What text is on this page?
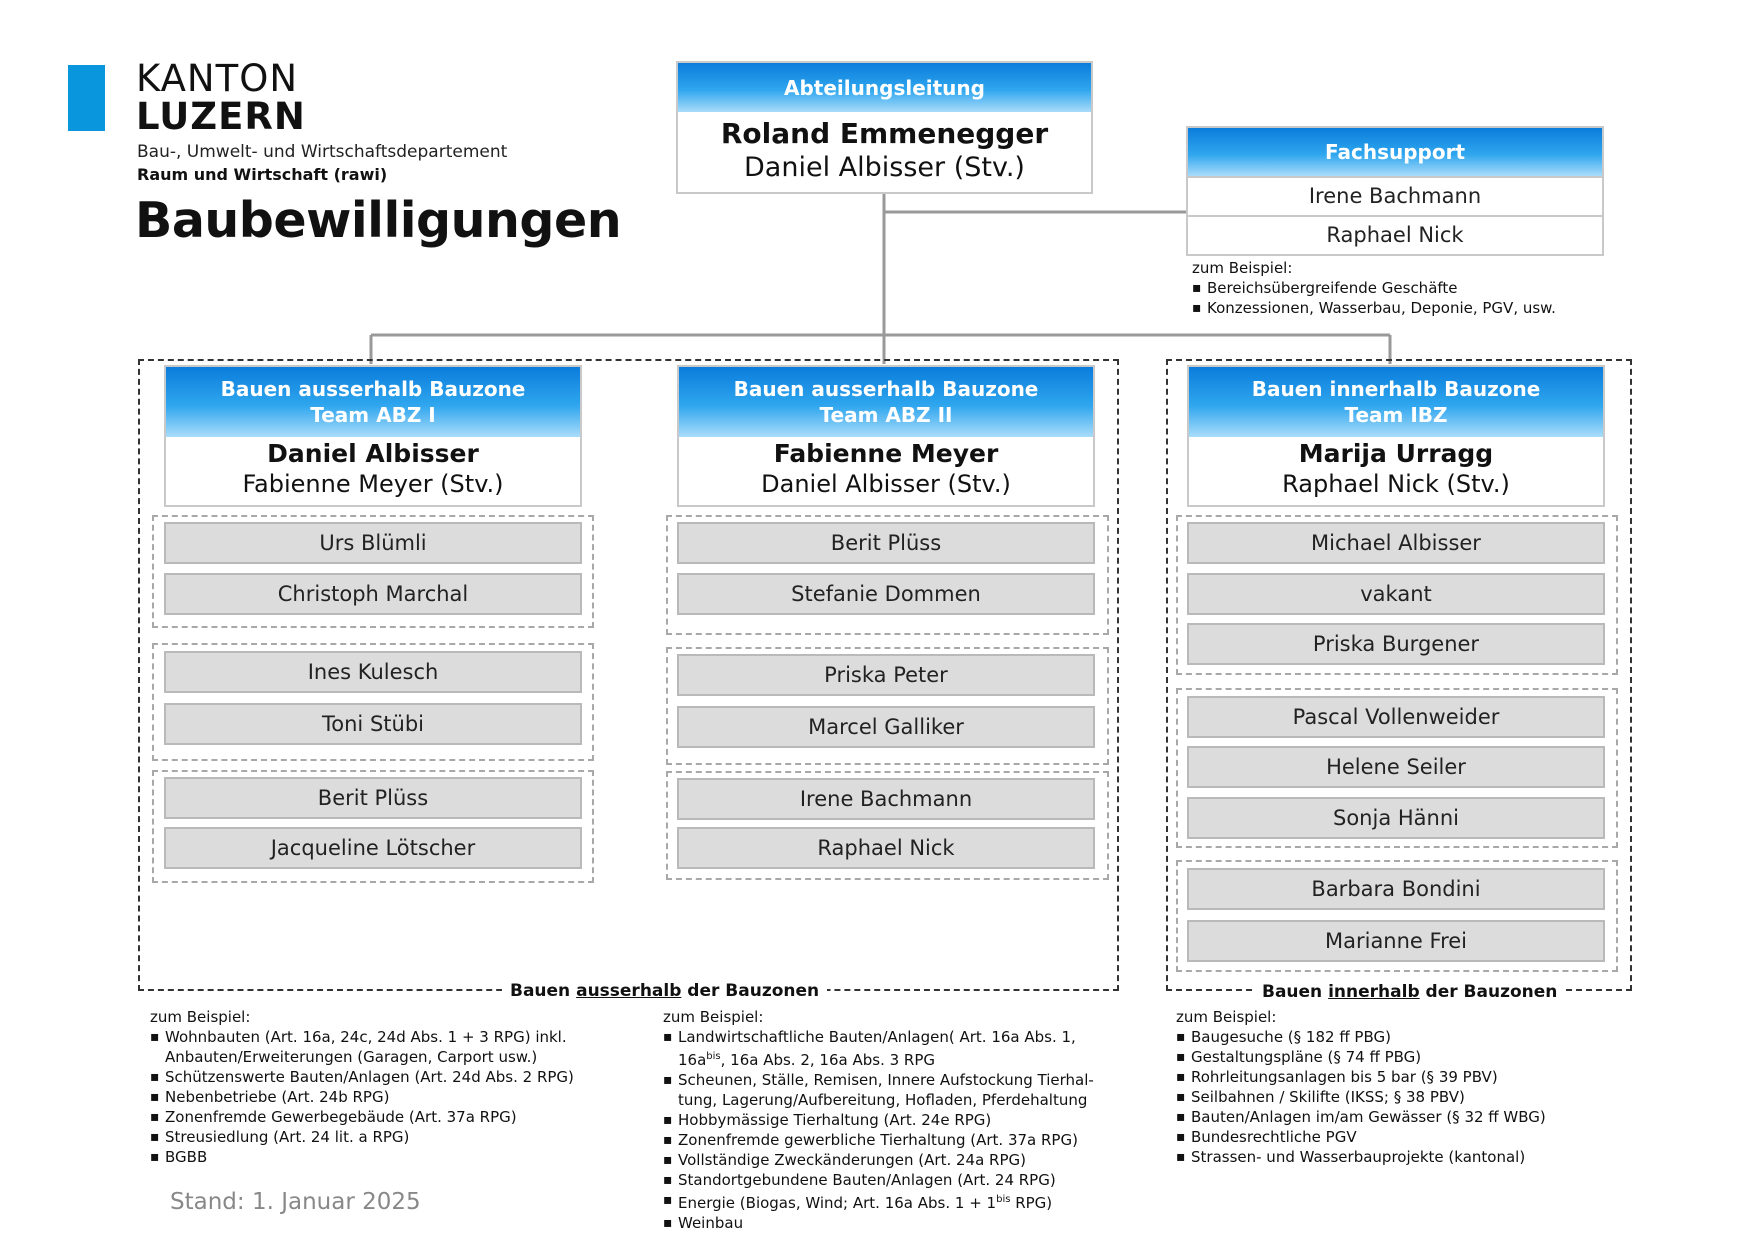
KANTON
LUZERN
Bau-, Umwelt- und Wirtschaftsdepartement
Raum und Wirtschaft (rawi)
Baubewilligungen
Abteilungsleitung
Roland Emmenegger
Daniel Albisser (Stv.)	Fachsupport
Irene Bachmann
Raphael Nick
zum Beispiel:
▪ Bereichsübergreifende Geschäfte
▪ Konzessionen, Wasserbau, Deponie, PGV, usw.
Bauen ausserhalb der Bauzonen	Bauen innerhalb der Bauzonen
Bauen ausserhalb Bauzone
Team ABZ I
Daniel Albisser
Fabienne Meyer (Stv.)
Urs Blümli
Christoph Marchal
Ines Kulesch
Toni Stübi
Berit Plüss
Jacqueline Lötscher
Bauen ausserhalb Bauzone
Team ABZ II
Fabienne Meyer
Daniel Albisser (Stv.)
Berit Plüss
Stefanie Dommen
Priska Peter
Marcel Galliker
Irene Bachmann
Raphael Nick
Bauen innerhalb Bauzone
Team IBZ
Marija Urragg
Raphael Nick (Stv.)
Michael Albisser
vakant
Priska Burgener
Pascal Vollenweider
Helene Seiler
Sonja Hänni
Barbara Bondini
Marianne Frei
zum Beispiel:
▪ Wohnbauten (Art. 16a, 24c, 24d Abs. 1 + 3 RPG) inkl. Anbauten/Erweiterungen (Garagen, Carport usw.)
▪ Schützenswerte Bauten/Anlagen (Art. 24d Abs. 2 RPG)
▪ Nebenbetriebe (Art. 24b RPG)
▪ Zonenfremde Gewerbegebäude (Art. 37a RPG)
▪ Streusiedlung (Art. 24 lit. a RPG)
▪ BGBB
zum Beispiel:
▪ Landwirtschaftliche Bauten/Anlagen( Art. 16a Abs. 1, $16a^{bis}$, 16a Abs. 2, 16a Abs. 3 RPG
▪ Scheunen, Ställe, Remisen, Innere Aufstockung Tierhal-tung, Lagerung/Aufbereitung, Hofladen, Pferdehaltung
▪ Hobbymässige Tierhaltung (Art. 24e RPG)
▪ Zonenfremde gewerbliche Tierhaltung (Art. 37a RPG)
▪ Vollständige Zweckänderungen (Art. 24a RPG)
▪ Standortgebundene Bauten/Anlagen (Art. 24 RPG)
▪ Energie (Biogas, Wind; Art. 16a Abs. $1 + 1^{bis}$ RPG)
▪ Weinbau
zum Beispiel:
▪ Baugesuche (§ 182 ff PBG)
▪ Gestaltungspläne (§ 74 ff PBG)
▪ Rohrleitungsanlagen bis 5 bar (§ 39 PBV)
▪ Seilbahnen / Skilifte (IKSS; § 38 PBV)
▪ Bauten/Anlagen im/am Gewässer (§ 32 ff WBG)
▪ Bundesrechtliche PGV
▪ Strassen- und Wasserbauprojekte (kantonal)
Stand: 1. Januar 2025
